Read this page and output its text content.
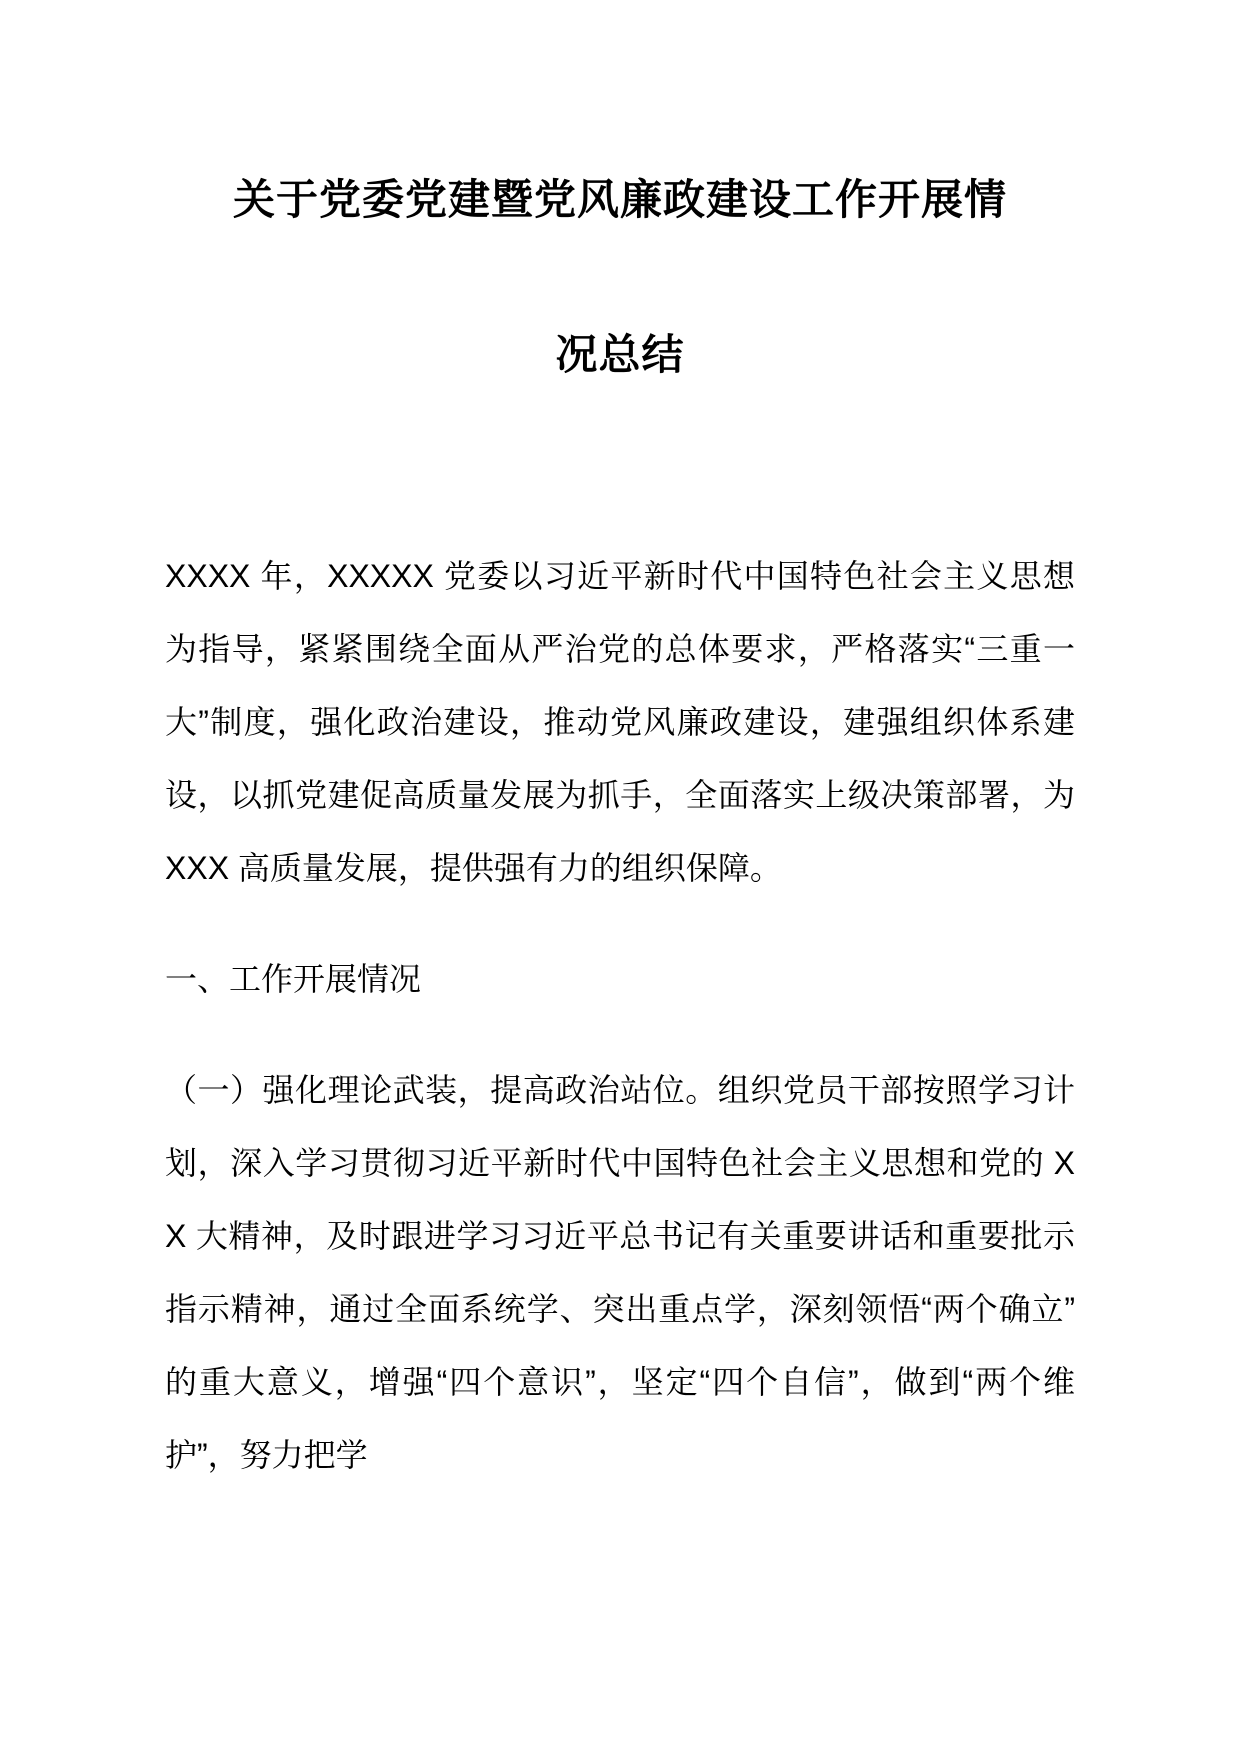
关于党委党建暨党风廉政建设工作开展情
况总结

XXXX 年，XXXXX 党委以习近平新时代中国特色社会主义思想为指导，紧紧围绕全面从严治党的总体要求，严格落实“三重一大”制度，强化政治建设，推动党风廉政建设，建强组织体系建设，以抓党建促高质量发展为抓手，全面落实上级决策部署，为 XXX 高质量发展，提供强有力的组织保障。

一、工作开展情况

（一）强化理论武装，提高政治站位。组织党员干部按照学习计划，深入学习贯彻习近平新时代中国特色社会主义思想和党的 XX 大精神，及时跟进学习习近平总书记有关重要讲话和重要批示指示精神，通过全面系统学、突出重点学，深刻领悟“两个确立”的重大意义，增强“四个意识”，坚定“四个自信”，做到“两个维护”，努力把学
